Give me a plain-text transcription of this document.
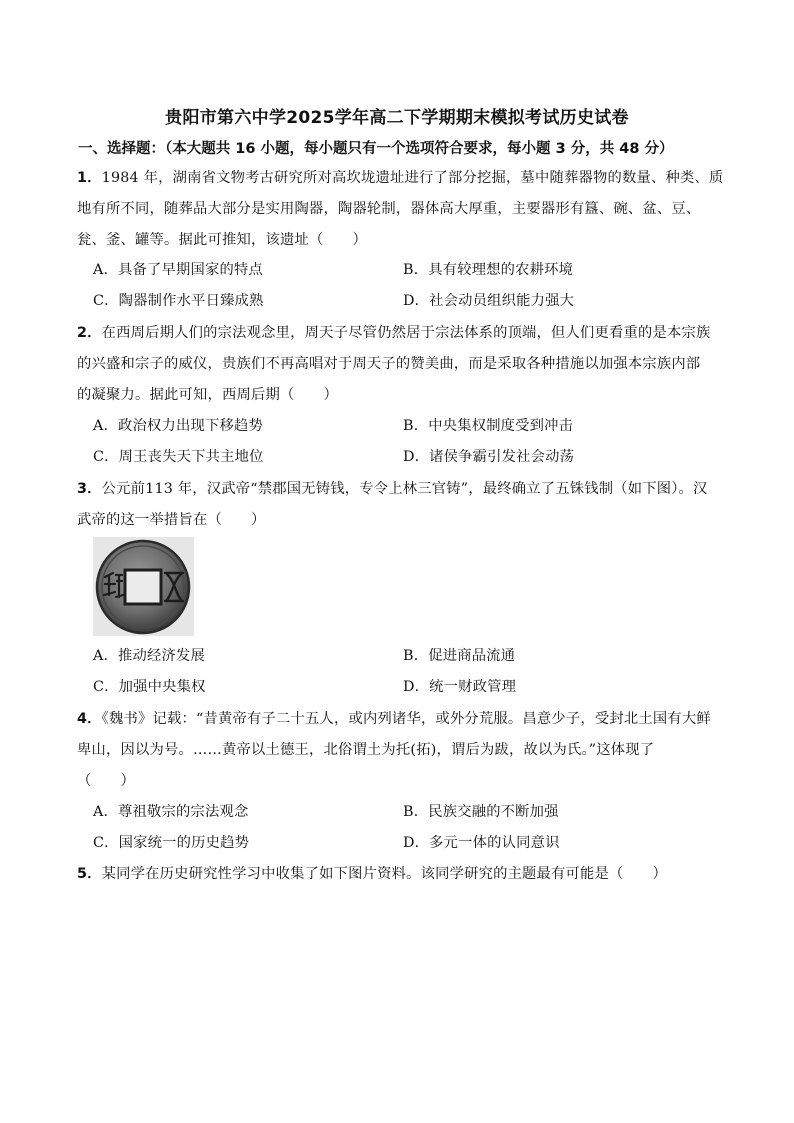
贵阳市第六中学2025学年高二下学期期末模拟考试历史试卷
一、选择题：（本大题共 16 小题，每小题只有一个选项符合要求，每小题 3 分，共 48 分）
1．1984 年，湖南省文物考古研究所对高坎垅遗址进行了部分挖掘，墓中随葬器物的数量、种类、质
地有所不同，随葬品大部分是实用陶器，陶器轮制，器体高大厚重，主要器形有簋、碗、盆、豆、
瓮、釜、罐等。据此可推知，该遗址（　　）
A．具备了早期国家的特点	B．具有较理想的农耕环境
C．陶器制作水平日臻成熟	D．社会动员组织能力强大
2．在西周后期人们的宗法观念里，周天子尽管仍然居于宗法体系的顶端，但人们更看重的是本宗族
的兴盛和宗子的威仪，贵族们不再高唱对于周天子的赞美曲，而是采取各种措施以加强本宗族内部
的凝聚力。据此可知，西周后期（　　）
A．政治权力出现下移趋势	B．中央集权制度受到冲击
C．周王丧失天下共主地位	D．诸侯争霸引发社会动荡
3．公元前113 年，汉武帝“禁郡国无铸钱，专令上林三官铸”，最终确立了五铢钱制（如下图）。汉
武帝的这一举措旨在（　　）
A．推动经济发展	B．促进商品流通
C．加强中央集权	D．统一财政管理
4．《魏书》记载：“昔黄帝有子二十五人，或内列诸华，或外分荒服。昌意少子，受封北土国有大鲜
卑山，因以为号。……黄帝以土德王，北俗谓土为托(拓)，谓后为跋，故以为氏。”这体现了
（　　）
A．尊祖敬宗的宗法观念	B．民族交融的不断加强
C．国家统一的历史趋势	D．多元一体的认同意识
5．某同学在历史研究性学习中收集了如下图片资料。该同学研究的主题最有可能是（　　）
